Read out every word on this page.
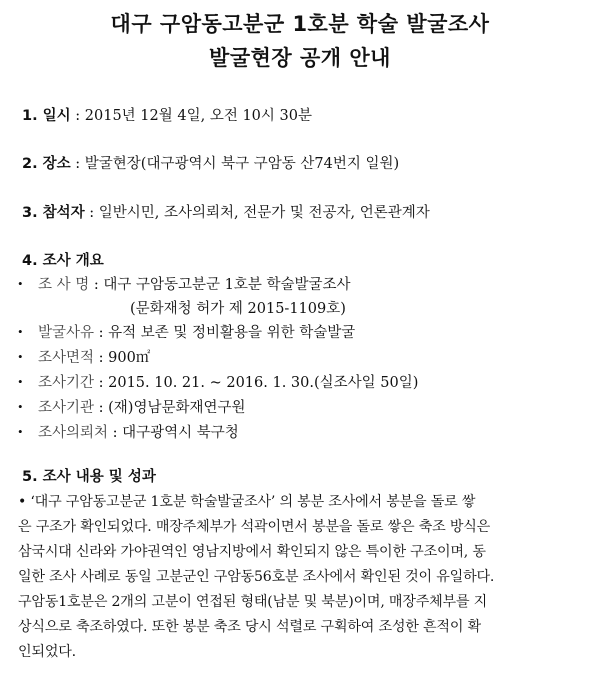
대구 구암동고분군 1호분 학술 발굴조사
발굴현장 공개 안내
1. 일시 : 2015년 12월 4일, 오전 10시 30분
2. 장소 : 발굴현장(대구광역시 북구 구암동 산74번지 일원)
3. 참석자 : 일반시민, 조사의뢰처, 전문가 및 전공자, 언론관계자
4. 조사 개요
• 조 사 명 : 대구 구암동고분군 1호분 학술발굴조사
(문화재청 허가 제 2015-1109호)
• 발굴사유 : 유적 보존 및 정비활용을 위한 학술발굴
• 조사면적 : 900㎡
• 조사기간 : 2015. 10. 21. ~ 2016. 1. 30.(실조사일 50일)
• 조사기관 : (재)영남문화재연구원
• 조사의뢰처 : 대구광역시 북구청
5. 조사 내용 및 성과
• ‘대구 구암동고분군 1호분 학술발굴조사’ 의 봉분 조사에서 봉분을 돌로 쌓
은 구조가 확인되었다. 매장주체부가 석곽이면서 봉분을 돌로 쌓은 축조 방식은
삼국시대 신라와 가야권역인 영남지방에서 확인되지 않은 특이한 구조이며, 동
일한 조사 사례로 동일 고분군인 구암동56호분 조사에서 확인된 것이 유일하다.
구암동1호분은 2개의 고분이 연접된 형태(남분 및 북분)이며, 매장주체부를 지
상식으로 축조하였다. 또한 봉분 축조 당시 석렬로 구획하여 조성한 흔적이 확
인되었다.
